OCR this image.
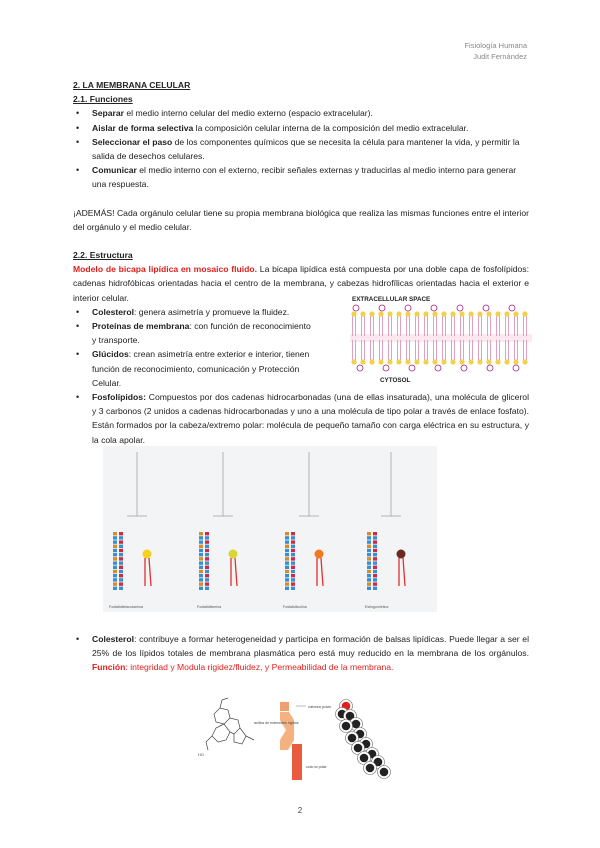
Fisiología Humana
Judit Fernández

2. LA MEMBRANA CELULAR

2.1. Funciones

• Separar el medio interno celular del medio externo (espacio extracelular).
• Aislar de forma selectiva la composición celular interna de la composición del medio extracelular.
• Seleccionar el paso de los componentes químicos que se necesita la célula para mantener la vida, y permitir la salida de desechos celulares.
• Comunicar el medio interno con el externo, recibir señales externas y traducirlas al medio interno para generar una respuesta.

¡ADEMÁS! Cada orgánulo celular tiene su propia membrana biológica que realiza las mismas funciones entre el interior del orgánulo y el medio celular.

2.2. Estructura

Modelo de bicapa lipídica en mosaico fluido. La bicapa lipídica está compuesta por una doble capa de fosfolípidos: cadenas hidrofóbicas orientadas hacia el centro de la membrana, y cabezas hidrofílicas orientadas hacia el exterior e interior celular.

• Colesterol: genera asimetría y promueve la fluidez.
• Proteínas de membrana: con función de reconocimiento y transporte.
• Glúcidos: crean asimetría entre exterior e interior, tienen función de reconocimiento, comunicación y Protección Celular.
• Fosfolípidos: Compuestos por dos cadenas hidrocarbonadas (una de ellas insaturada), una molécula de glicerol y 3 carbonos (2 unidos a cadenas hidrocarbonadas y uno a una molécula de tipo polar a través de enlace fosfato). Están formados por la cabeza/extremo polar: molécula de pequeño tamaño con carga eléctrica en su estructura, y la cola apolar.
EXTRACELLULAR SPACE
CYTOSOL
Fosfatidiletanolamina	Fosfatidilserina	Fosfatidilcolina	Esfingomielina
• Colesterol: contribuye a formar heterogeneidad y participa en formación de balsas lipídicas. Puede llegar a ser el 25% de los lípidos totales de membrana plasmática pero está muy reducido en la membrana de los orgánulos. Función: integridad y Modula rigidez/fluidez, y Permeabilidad de la membrana.
HO
cabeza polar
anillos de esteroides rígidos
cola no polar
2
